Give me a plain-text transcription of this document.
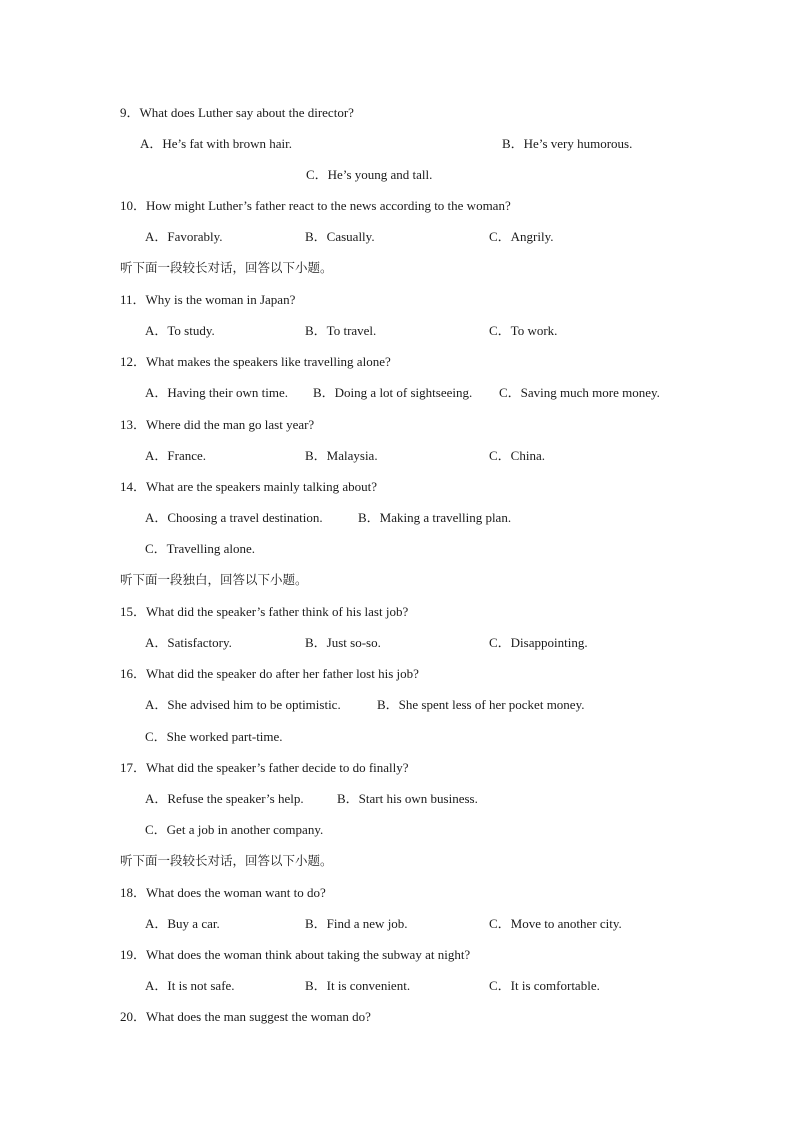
9．What does Luther say about the director?
A．He’s fat with brown hair.	B．He’s very humorous.
C．He’s young and tall.
10．How might Luther’s father react to the news according to the woman?
A．Favorably.	B．Casually.	C．Angrily.
听下面一段较长对话，回答以下小题。
11．Why is the woman in Japan?
A．To study.	B．To travel.	C．To work.
12．What makes the speakers like travelling alone?
A．Having their own time. B．Doing a lot of sightseeing. C．Saving much more money.
13．Where did the man go last year?
A．France.	B．Malaysia.	C．China.
14．What are the speakers mainly talking about?
A．Choosing a travel destination.	B．Making a travelling plan.
C．Travelling alone.
听下面一段独白，回答以下小题。
15．What did the speaker’s father think of his last job?
A．Satisfactory.	B．Just so-so.	C．Disappointing.
16．What did the speaker do after her father lost his job?
A．She advised him to be optimistic.	B．She spent less of her pocket money.
C．She worked part-time.
17．What did the speaker’s father decide to do finally?
A．Refuse the speaker’s help.	B．Start his own business.
C．Get a job in another company.
听下面一段较长对话，回答以下小题。
18．What does the woman want to do?
A．Buy a car.	B．Find a new job.	C．Move to another city.
19．What does the woman think about taking the subway at night?
A．It is not safe.	B．It is convenient.	C．It is comfortable.
20．What does the man suggest the woman do?
